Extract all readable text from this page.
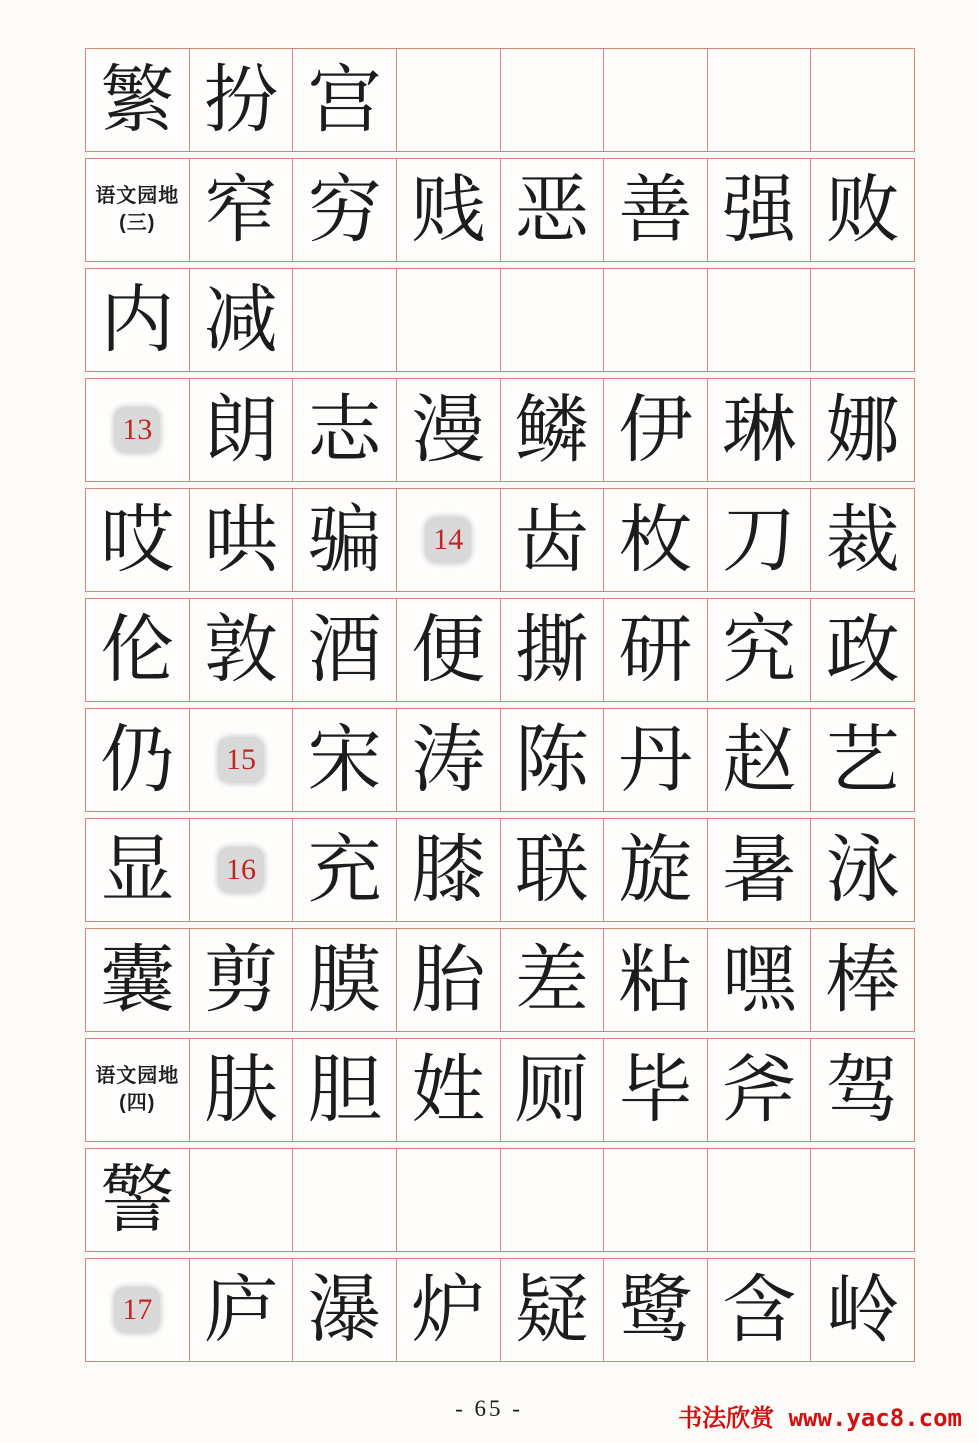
繁 扮 宫
语文园地
(三) 窄 穷 贱 恶 善 强 败
内 减
13 朗 志 漫 鳞 伊 琳 娜
哎 哄 骗 14 齿 枚 刀 裁
伦 敦 酒 便 撕 研 究 政
仍 15 宋 涛 陈 丹 赵 艺
显 16 充 膝 联 旋 暑 泳
囊 剪 膜 胎 差 粘 嘿 棒
语文园地
(四) 肤 胆 姓 厕 毕 斧 驾
警
17 庐 瀑 炉 疑 鹭 含 岭
- 65 -	书法欣赏 www.yac8.com
